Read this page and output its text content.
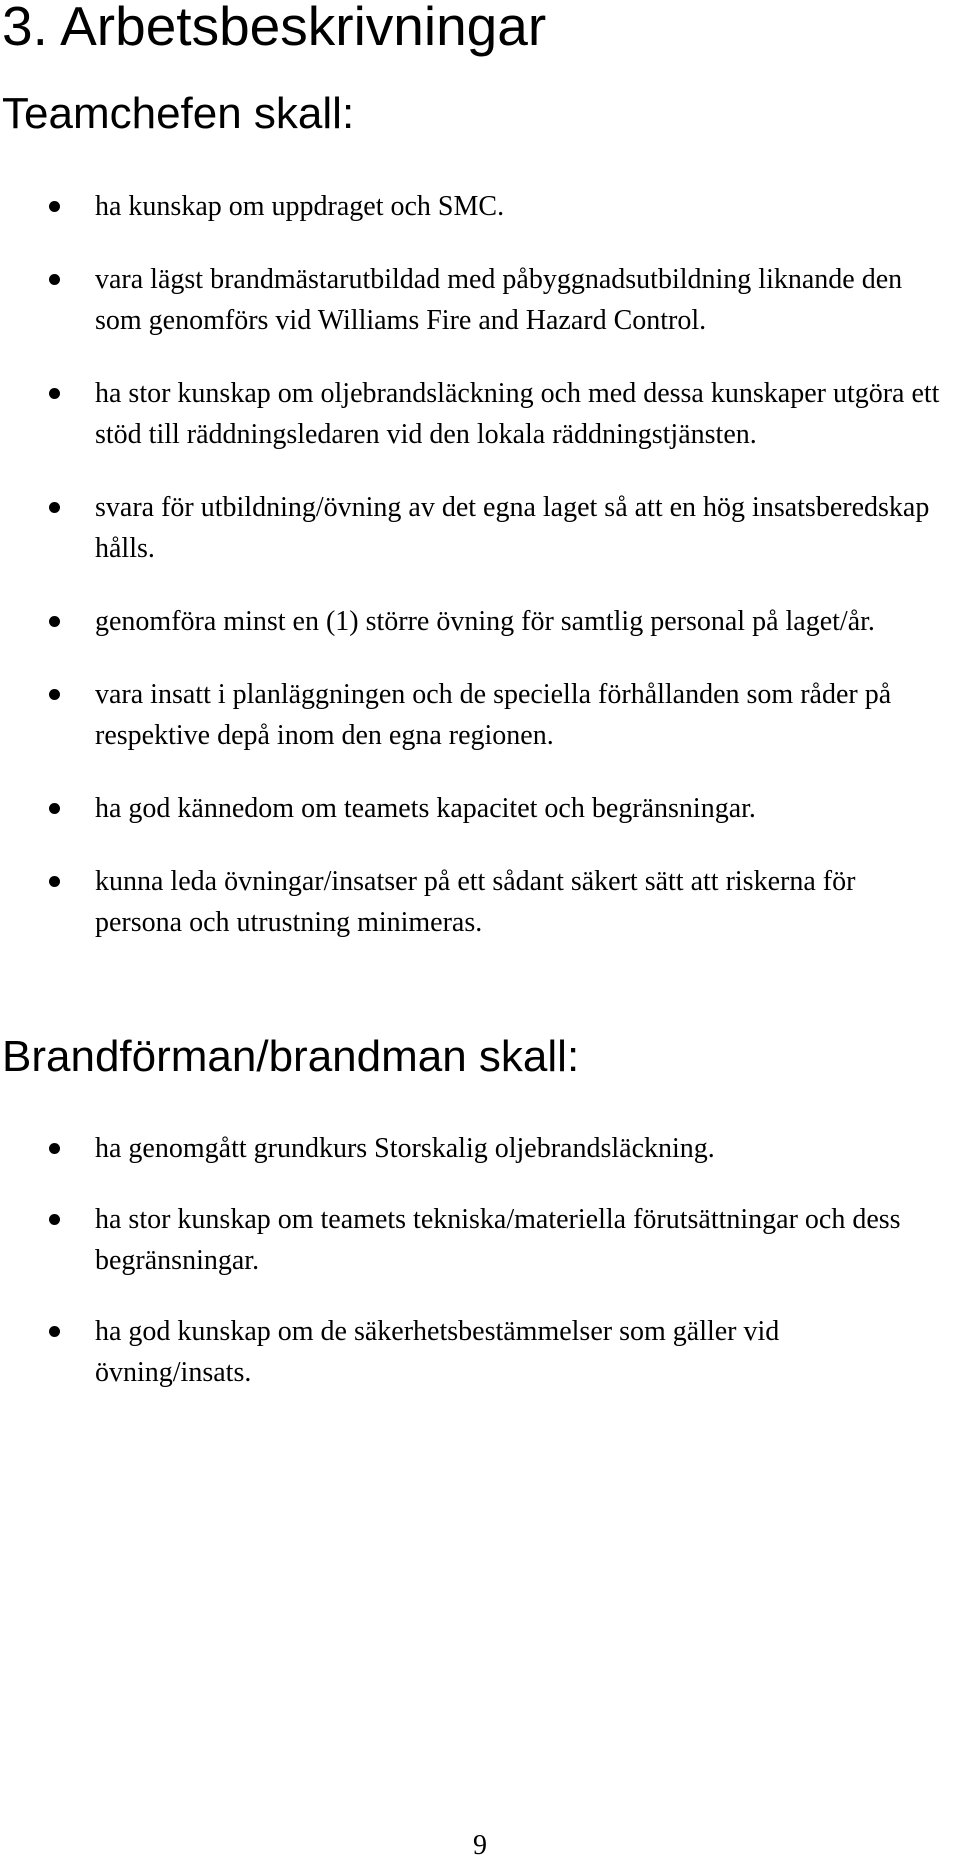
3. Arbetsbeskrivningar
Teamchefen skall:
ha kunskap om uppdraget och SMC.
vara lägst brandmästarutbildad med påbyggnadsutbildning liknande den som genomförs vid Williams Fire and Hazard Control.
ha stor kunskap om oljebrandsläckning och med dessa kunskaper utgöra ett stöd till räddningsledaren vid den lokala räddningstjänsten.
svara för utbildning/övning av det egna laget så att en hög insatsberedskap hålls.
genomföra minst en (1) större övning för samtlig personal på laget/år.
vara insatt i planläggningen och de speciella förhållanden som råder på respektive depå inom den egna regionen.
ha god kännedom om teamets kapacitet och begränsningar.
kunna leda övningar/insatser på ett sådant säkert sätt att riskerna för persona och utrustning minimeras.
Brandförman/brandman skall:
ha genomgått grundkurs Storskalig oljebrandsläckning.
ha stor kunskap om teamets tekniska/materiella förutsättningar och dess begränsningar.
ha god kunskap om de säkerhetsbestämmelser som gäller vid övning/insats.
9
